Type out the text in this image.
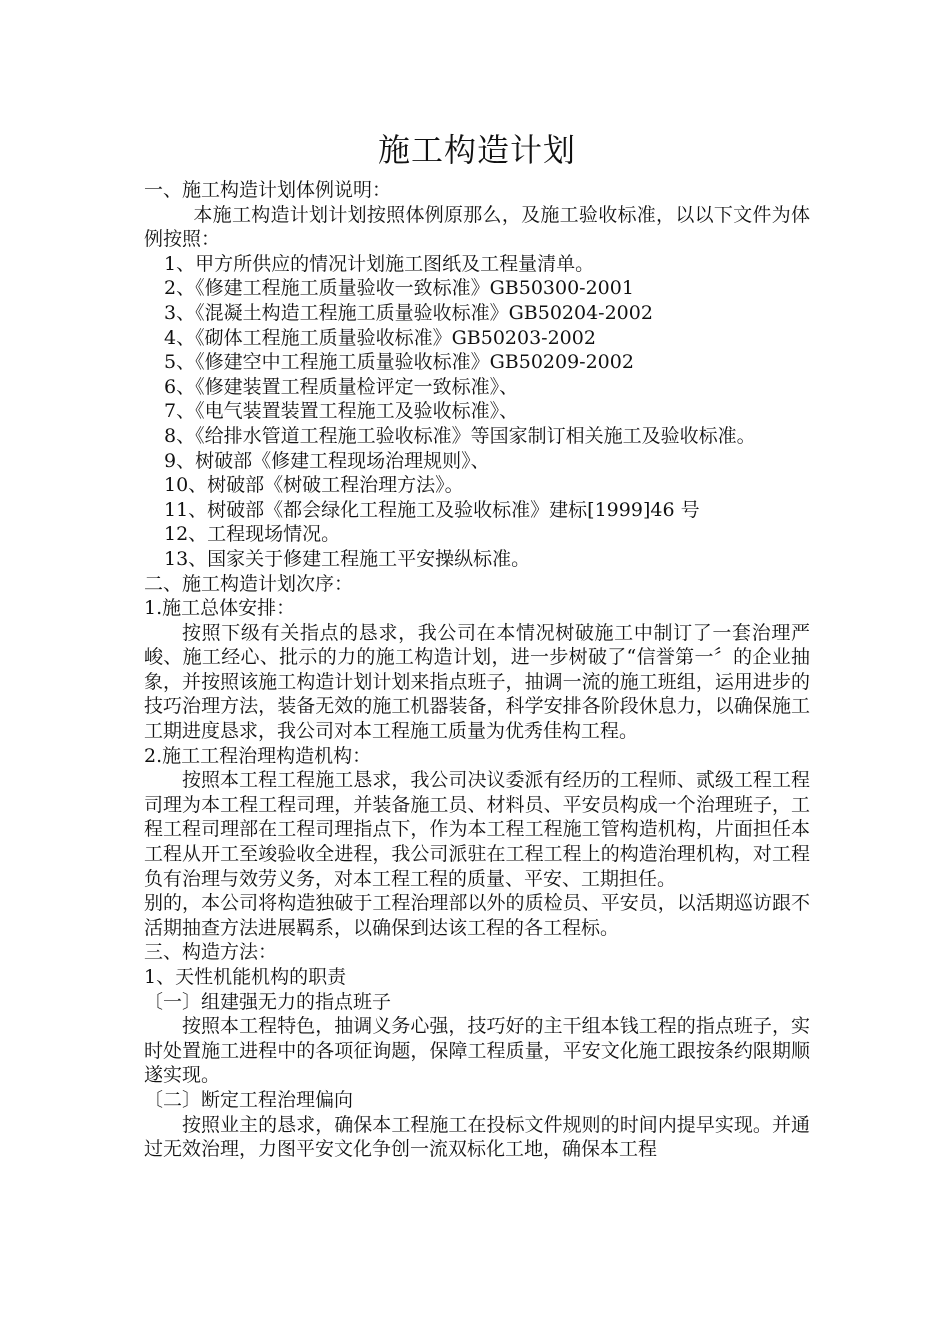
施工构造计划

一、施工构造计划体例说明：

本施工构造计划计划按照体例原那么，及施工验收标准，以以下文件为体例按照：

1、甲方所供应的情况计划施工图纸及工程量清单。
2、《修建工程施工质量验收一致标准》GB50300-2001
3、《混凝土构造工程施工质量验收标准》GB50204-2002
4、《砌体工程施工质量验收标准》GB50203-2002
5、《修建空中工程施工质量验收标准》GB50209-2002
6、《修建装置工程质量检评定一致标准》、
7、《电气装置装置工程施工及验收标准》、
8、《给排水管道工程施工验收标准》等国家制订相关施工及验收标准。
9、树破部《修建工程现场治理规则》、
10、树破部《树破工程治理方法》。
11、树破部《都会绿化工程施工及验收标准》建标[1999]46 号
12、工程现场情况。
13、国家关于修建工程施工平安操纵标准。

二、施工构造计划次序：

1.施工总体安排：

按照下级有关指点的恳求，我公司在本情况树破施工中制订了一套治理严峻、施工经心、批示的力的施工构造计划，进一步树破了“信誉第一〞的企业抽象，并按照该施工构造计划计划来指点班子，抽调一流的施工班组，运用进步的技巧治理方法，装备无效的施工机器装备，科学安排各阶段休息力，以确保施工工期进度恳求，我公司对本工程施工质量为优秀佳构工程。

2.施工工程治理构造机构：

按照本工程工程施工恳求，我公司决议委派有经历的工程师、贰级工程工程司理为本工程工程司理，并装备施工员、材料员、平安员构成一个治理班子，工程工程司理部在工程司理指点下，作为本工程工程施工管构造机构，片面担任本工程从开工至竣验收全进程，我公司派驻在工程工程上的构造治理机构，对工程负有治理与效劳义务，对本工程工程的质量、平安、工期担任。

别的，本公司将构造独破于工程治理部以外的质检员、平安员，以活期巡访跟不活期抽查方法进展羁系，以确保到达该工程的各工程标。

三、构造方法：

1、天性机能机构的职责

〔一〕组建强无力的指点班子

按照本工程特色，抽调义务心强，技巧好的主干组本钱工程的指点班子，实时处置施工进程中的各项征询题，保障工程质量，平安文化施工跟按条约限期顺遂实现。

〔二〕断定工程治理偏向

按照业主的恳求，确保本工程施工在投标文件规则的时间内提早实现。并通过无效治理，力图平安文化争创一流双标化工地，确保本工程
